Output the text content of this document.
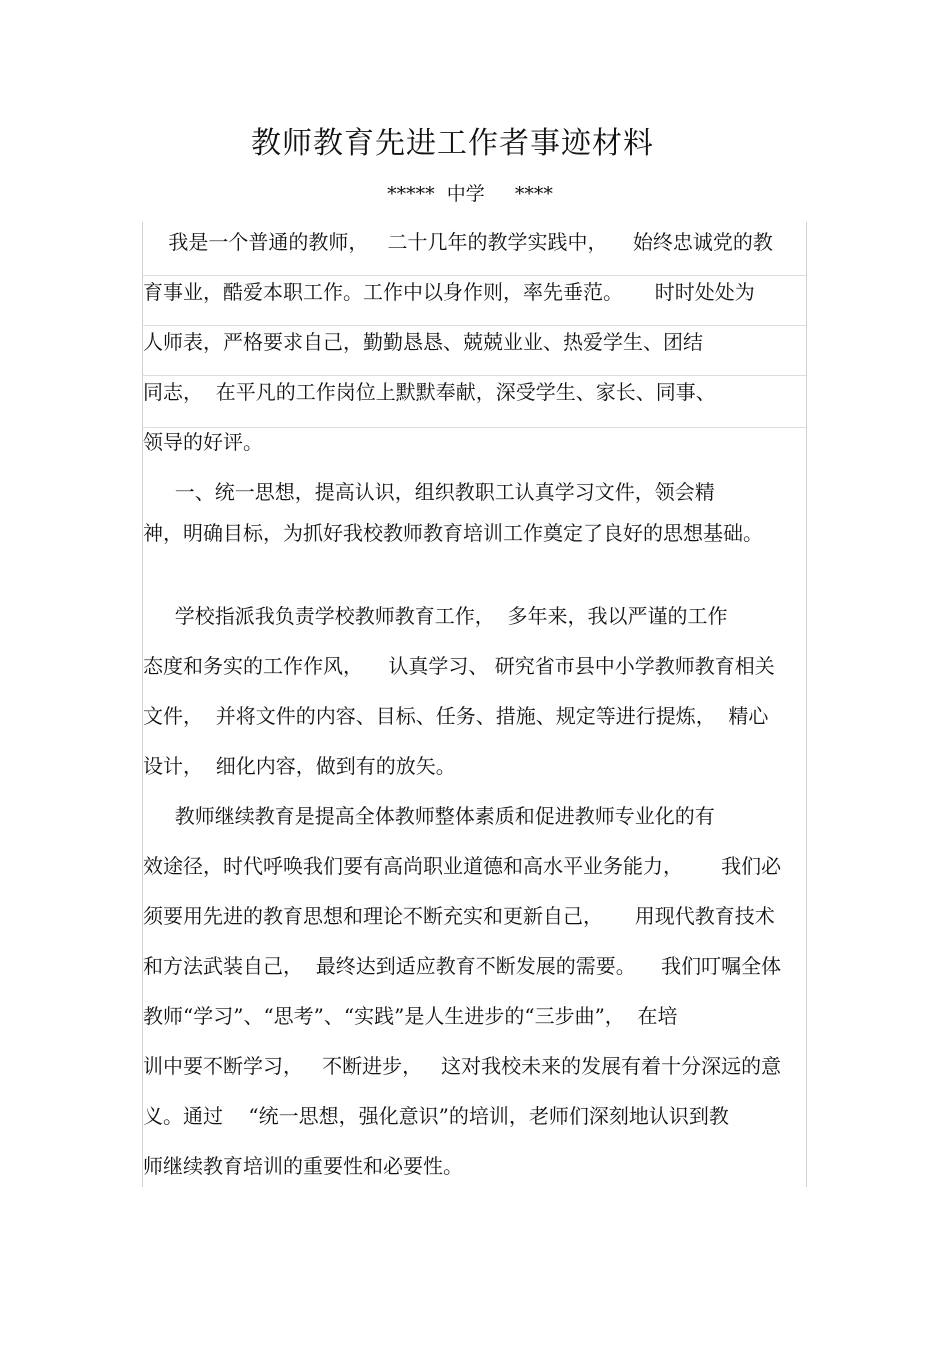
教师教育先进工作者事迹材料
*****  中学     ****
我是一个普通的教师，   二十几年的教学实践中，    始终忠诚党的教
育事业，酷爱本职工作。工作中以身作则，率先垂范。     时时处处为
人师表，严格要求自己，勤勤恳恳、兢兢业业、热爱学生、团结
同志，  在平凡的工作岗位上默默奉献，深受学生、家长、同事、
领导的好评。
一、统一思想，提高认识，组织教职工认真学习文件，领会精
神，明确目标，为抓好我校教师教育培训工作奠定了良好的思想基础。
学校指派我负责学校教师教育工作，  多年来，我以严谨的工作
态度和务实的工作作风，    认真学习、 研究省市县中小学教师教育相关
文件，  并将文件的内容、目标、任务、措施、规定等进行提炼，  精心
设计，  细化内容，做到有的放矢。
教师继续教育是提高全体教师整体素质和促进教师专业化的有
效途径，时代呼唤我们要有高尚职业道德和高水平业务能力，      我们必
须要用先进的教育思想和理论不断充实和更新自己，     用现代教育技术
和方法武装自己，  最终达到适应教育不断发展的需要。    我们叮嘱全体
教师“学习”、“思考”、“实践”是人生进步的“三步曲”，  在培
训中要不断学习，   不断进步，   这对我校未来的发展有着十分深远的意
义。通过    “统一思想，强化意识”的培训，老师们深刻地认识到教
师继续教育培训的重要性和必要性。
